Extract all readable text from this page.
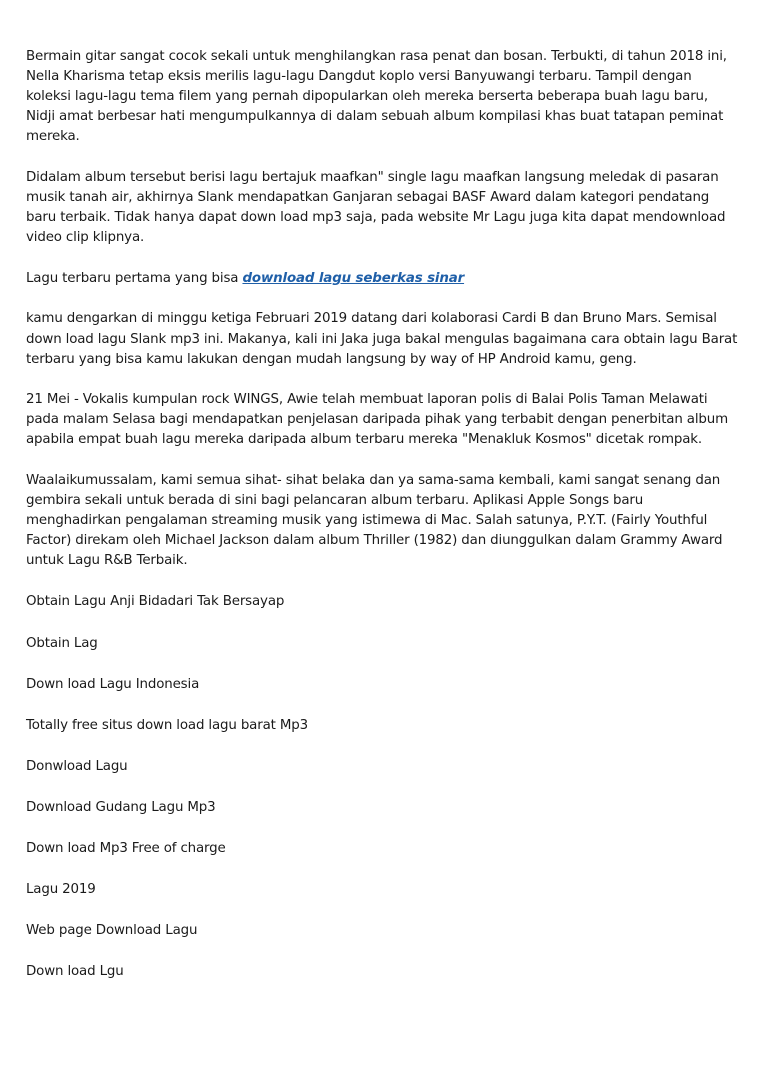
Bermain gitar sangat cocok sekali untuk menghilangkan rasa penat dan bosan. Terbukti, di tahun 2018 ini, Nella Kharisma tetap eksis merilis lagu-lagu Dangdut koplo versi Banyuwangi terbaru. Tampil dengan koleksi lagu-lagu tema filem yang pernah dipopularkan oleh mereka berserta beberapa buah lagu baru, Nidji amat berbesar hati mengumpulkannya di dalam sebuah album kompilasi khas buat tatapan peminat mereka.

Didalam album tersebut berisi lagu bertajuk maafkan" single lagu maafkan langsung meledak di pasaran musik tanah air, akhirnya Slank mendapatkan Ganjaran sebagai BASF Award dalam kategori pendatang baru terbaik. Tidak hanya dapat down load mp3 saja, pada website Mr Lagu juga kita dapat mendownload video clip klipnya.

Lagu terbaru pertama yang bisa download lagu seberkas sinar

kamu dengarkan di minggu ketiga Februari 2019 datang dari kolaborasi Cardi B dan Bruno Mars. Semisal down load lagu Slank mp3 ini. Makanya, kali ini Jaka juga bakal mengulas bagaimana cara obtain lagu Barat terbaru yang bisa kamu lakukan dengan mudah langsung by way of HP Android kamu, geng.

21 Mei - Vokalis kumpulan rock WINGS, Awie telah membuat laporan polis di Balai Polis Taman Melawati pada malam Selasa bagi mendapatkan penjelasan daripada pihak yang terbabit dengan penerbitan album apabila empat buah lagu mereka daripada album terbaru mereka "Menakluk Kosmos" dicetak rompak.

Waalaikumussalam, kami semua sihat- sihat belaka dan ya sama-sama kembali, kami sangat senang dan gembira sekali untuk berada di sini bagi pelancaran album terbaru. Aplikasi Apple Songs baru menghadirkan pengalaman streaming musik yang istimewa di Mac. Salah satunya, P.Y.T. (Fairly Youthful Factor) direkam oleh Michael Jackson dalam album Thriller (1982) dan diunggulkan dalam Grammy Award untuk Lagu R&B Terbaik.

Obtain Lagu Anji Bidadari Tak Bersayap

Obtain Lag

Down load Lagu Indonesia

Totally free situs down load lagu barat Mp3

Donwload Lagu

Download Gudang Lagu Mp3

Down load Mp3 Free of charge

Lagu 2019

Web page Download Lagu

Down load Lgu
